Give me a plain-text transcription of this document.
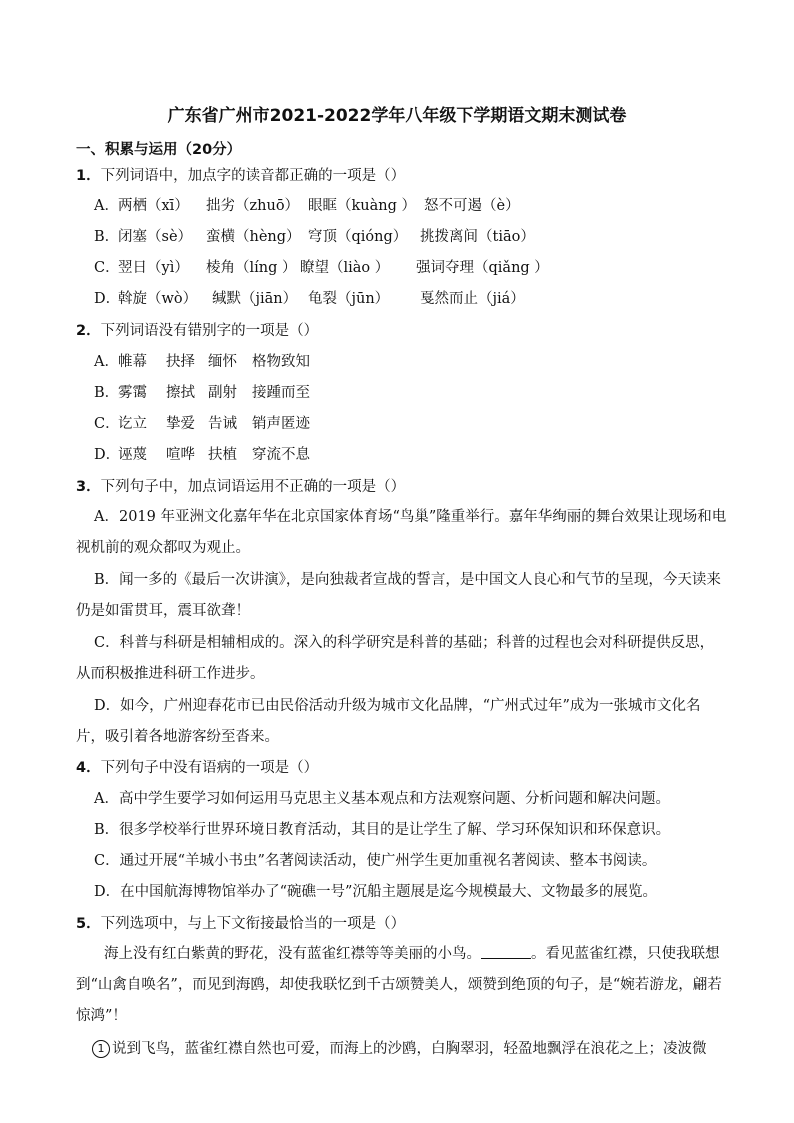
广东省广州市2021-2022学年八年级下学期语文期末测试卷
一、积累与运用（20分）
1．下列词语中，加点字的读音都正确的一项是（）
A． 两栖（xī） 拙劣（zhuō） 眼眶（kuàng ） 怒不可遏（è）
B．
闭塞（sè） 蛮横（hèng） 穹顶（qióng） 挑拨离间（tiāo）
C．
翌日（yì） 棱角（líng ） 瞭望（liào ） 强词夺理（qiǎng ）
D．
斡旋（wò） 缄默（jiān） 龟裂（jūn） 戛然而止（jiá）
2．下列词语没有错别字的一项是（）
A． 帷幕 抉择 缅怀 格物致知
B．
雾霭 擦拭 副射 接踵而至
C．
讫立 挚爱 告诫 销声匿迹
D．
诬蔑 喧哗 扶植 穿流不息
3．下列句子中，加点词语运用不正确的一项是（）
A．2019 年亚洲文化嘉年华在北京国家体育场“鸟巢”隆重举行。嘉年华绚丽的舞台效果让现场和电视机前的观众都叹为观止。
B．闻一多的《最后一次讲演》，是向独裁者宣战的誓言，是中国文人良心和气节的呈现，今天读来仍是如雷贯耳，震耳欲聋！
C．科普与科研是相辅相成的。深入的科学研究是科普的基础；科普的过程也会对科研提供反思，从而积极推进科研工作进步。
D．如今，广州迎春花市已由民俗活动升级为城市文化品牌，“广州式过年”成为一张城市文化名片，吸引着各地游客纷至沓来。
4．下列句子中没有语病的一项是（）
A．高中学生要学习如何运用马克思主义基本观点和方法观察问题、分析问题和解决问题。
B．很多学校举行世界环境日教育活动，其目的是让学生了解、学习环保知识和环保意识。
C．通过开展“羊城小书虫”名著阅读活动，使广州学生更加重视名著阅读、整本书阅读。
D．在中国航海博物馆举办了“碗礁一号”沉船主题展是迄今规模最大、文物最多的展览。
5．下列选项中，与上下文衔接最恰当的一项是（）
海上没有红白紫黄的野花，没有蓝雀红襟等等美丽的小鸟。	。看见蓝雀红襟，只使我联想到“山禽自唤名”，而见到海鸥，却使我联忆到千古颂赞美人，颂赞到绝顶的句子，是“婉若游龙，翩若惊鸿”！
1 说到飞鸟，蓝雀红襟自然也可爱，而海上的沙鸥，白胸翠羽，轻盈地飘浮在浪花之上；凌波微
